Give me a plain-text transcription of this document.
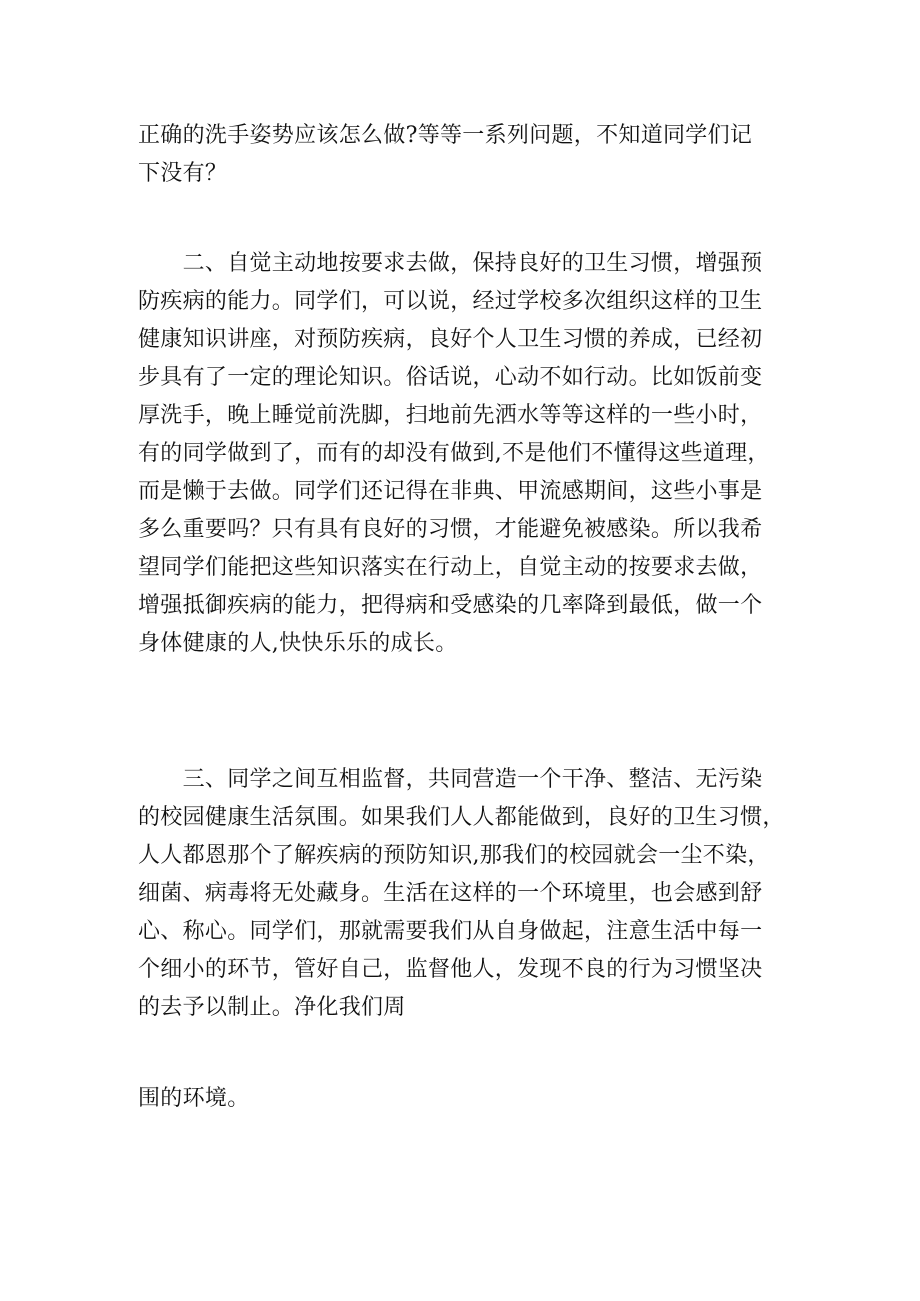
正确的洗手姿势应该怎么做?等等一系列问题，不知道同学们记
下没有？
　　二、自觉主动地按要求去做，保持良好的卫生习惯，增强预
防疾病的能力。同学们，可以说，经过学校多次组织这样的卫生
健康知识讲座，对预防疾病，良好个人卫生习惯的养成，已经初
步具有了一定的理论知识。俗话说，心动不如行动。比如饭前变
厚洗手，晚上睡觉前洗脚，扫地前先洒水等等这样的一些小时，
有的同学做到了，而有的却没有做到,不是他们不懂得这些道理，
而是懒于去做。同学们还记得在非典、甲流感期间，这些小事是
多么重要吗？只有具有良好的习惯，才能避免被感染。所以我希
望同学们能把这些知识落实在行动上，自觉主动的按要求去做，
增强抵御疾病的能力，把得病和受感染的几率降到最低，做一个
身体健康的人,快快乐乐的成长。
　　三、同学之间互相监督，共同营造一个干净、整洁、无污染
的校园健康生活氛围。如果我们人人都能做到，良好的卫生习惯，
人人都恩那个了解疾病的预防知识,那我们的校园就会一尘不染，
细菌、病毒将无处藏身。生活在这样的一个环境里，也会感到舒
心、称心。同学们，那就需要我们从自身做起，注意生活中每一
个细小的环节，管好自己，监督他人，发现不良的行为习惯坚决
的去予以制止。净化我们周
围的环境。
